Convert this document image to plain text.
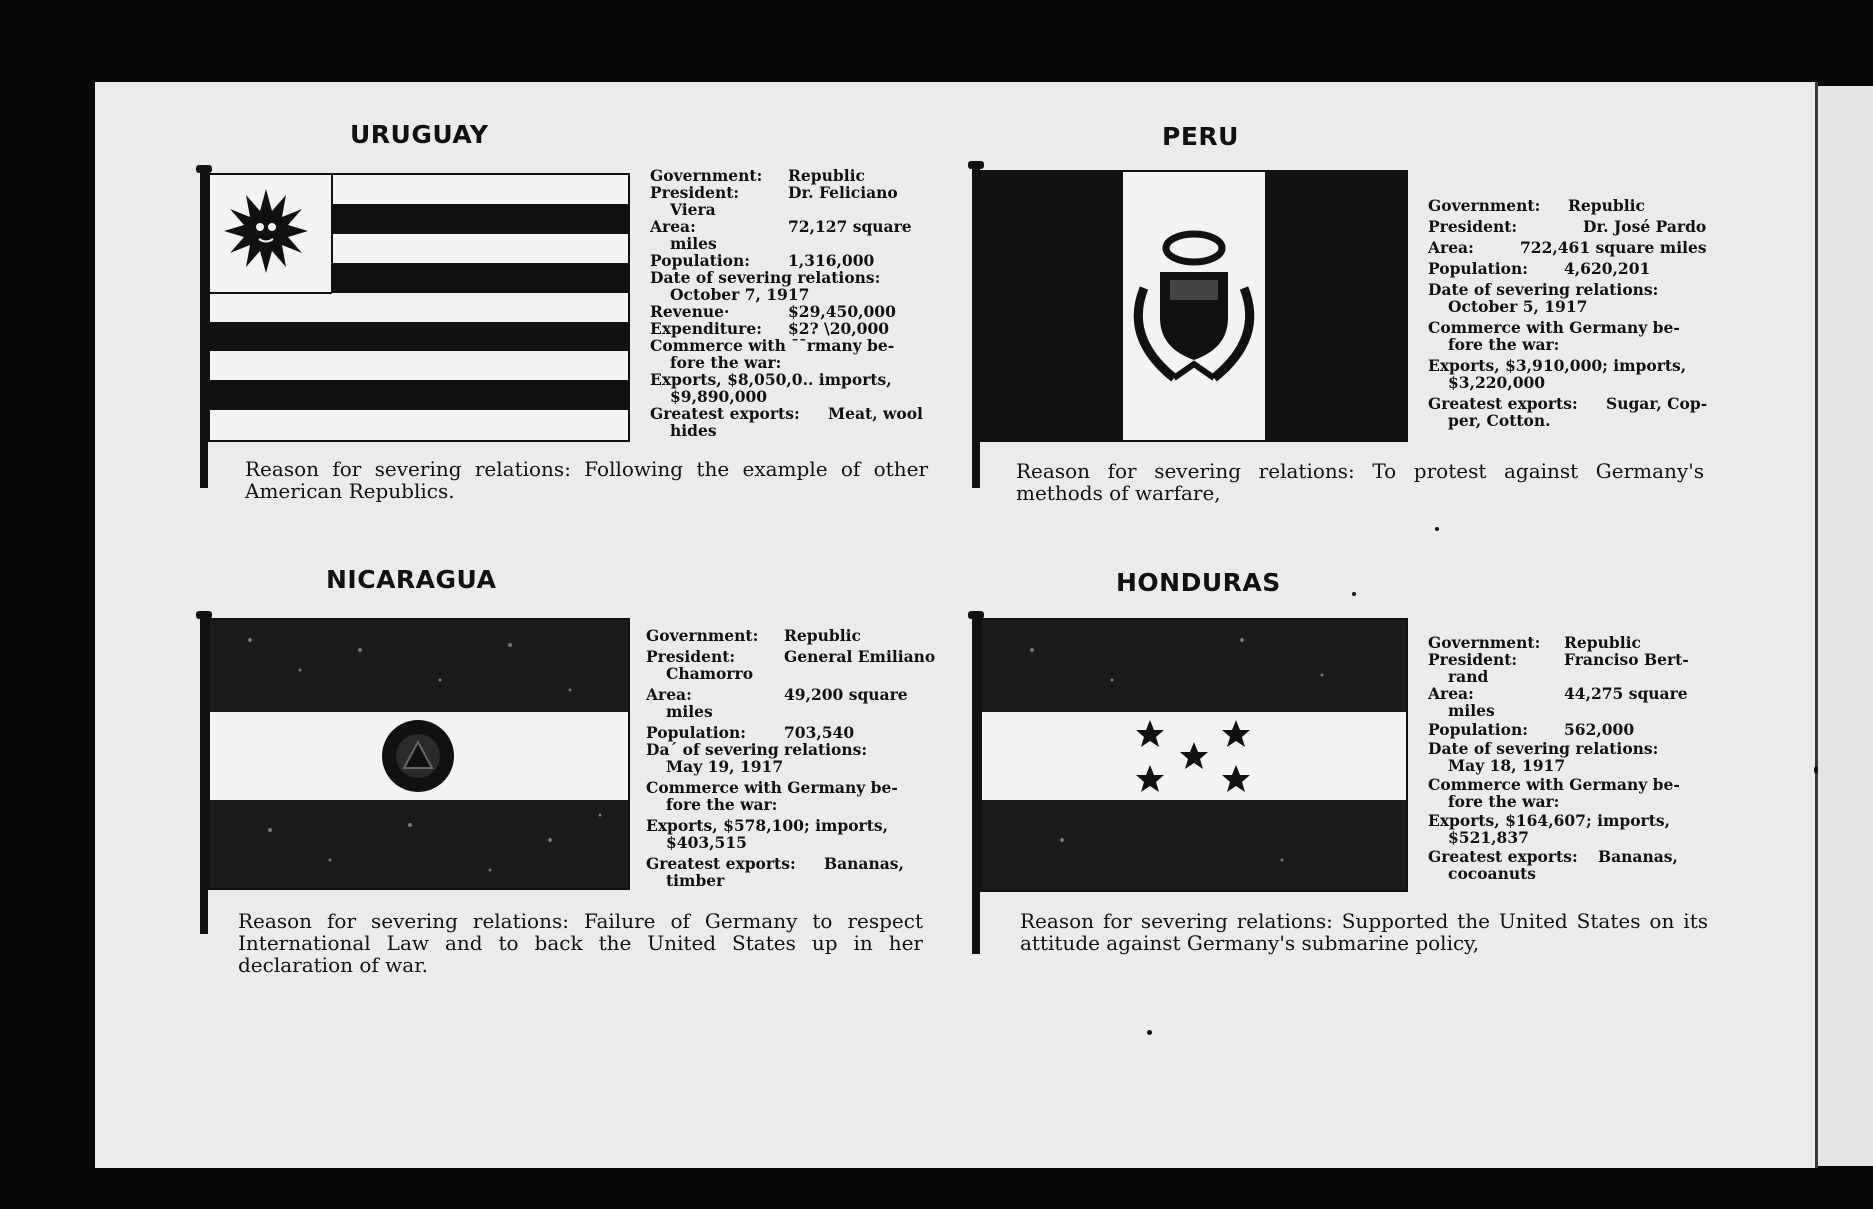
URUGUAY
Government:	Republic
President:	Dr. Feliciano
Viera
Area:	72,127 square
miles
Population:	1,316,000
Date of severing relations:
October 7, 1917
Revenue·	$29,450,000
Expenditure:	$2? \20,000
Commerce with ˉˉrmany be-
fore the war:
Exports, $8,050,0.. imports,
$9,890,000
Greatest exports:	Meat, wool
hides
Reason for severing relations: Following the example of other American Republics.
PERU
Government:	Republic
President:	Dr. José Pardo
Area:	722,461 square miles
Population:	4,620,201
Date of severing relations:
October 5, 1917
Commerce with Germany be-
fore the war:
Exports, $3,910,000; imports,
$3,220,000
Greatest exports:	Sugar, Cop-
per, Cotton.
Reason for severing relations: To protest against Germany's methods of warfare,
NICARAGUA
Government:	Republic
President:	General Emiliano
Chamorro
Area:	49,200 square
miles
Population:	703,540
Daˊ of severing relations:
May 19, 1917
Commerce with Germany be-
fore the war:
Exports, $578,100; imports,
$403,515
Greatest exports:	Bananas,
timber
Reason for severing relations: Failure of Germany to respect International Law and to back the United States up in her declaration of war.
HONDURAS
Government:	Republic
President:	Franciso Bert-
rand
Area:	44,275 square
miles
Population:	562,000
Date of severing relations:
May 18, 1917
Commerce with Germany be-
fore the war:
Exports, $164,607; imports,
$521,837
Greatest exports:	Bananas,
cocoanuts
Reason for severing relations: Supported the United States on its attitude against Germany's submarine policy,
